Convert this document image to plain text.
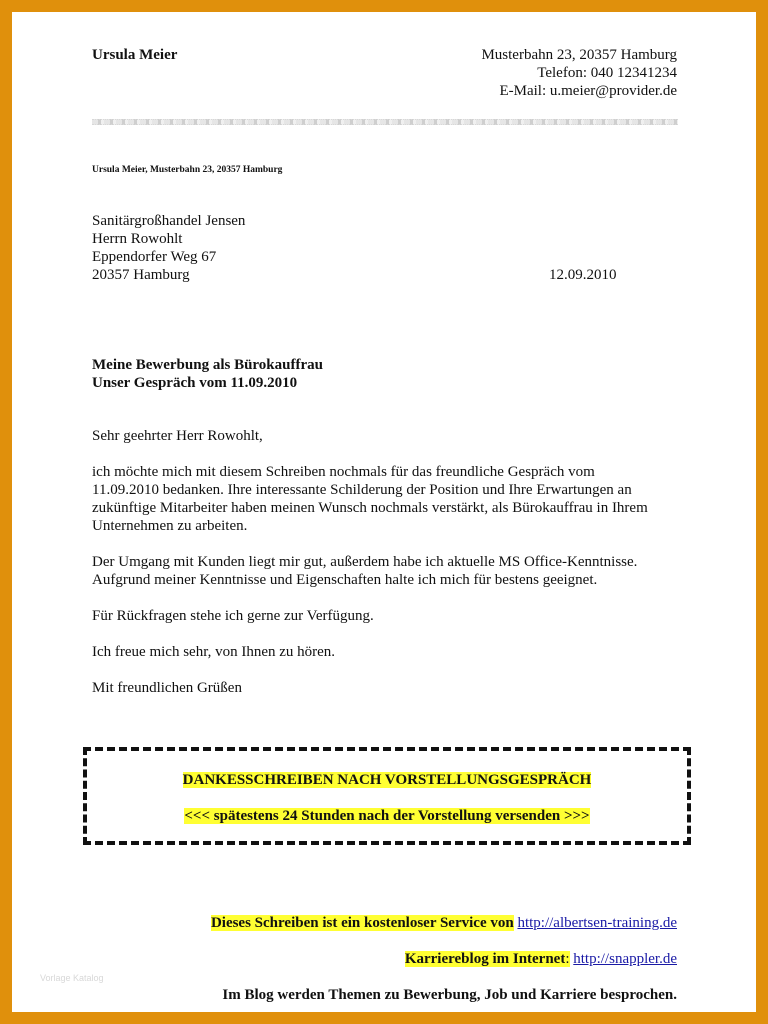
Ursula Meier	Musterbahn 23, 20357 Hamburg
Telefon: 040 12341234
E-Mail: u.meier@provider.de
Ursula Meier, Musterbahn 23, 20357 Hamburg
Sanitärgroßhandel Jensen
Herrn Rowohlt
Eppendorfer Weg 67
20357 Hamburg	12.09.2010
Meine Bewerbung als Bürokauffrau
Unser Gespräch vom 11.09.2010

Sehr geehrter Herr Rowohlt,

ich möchte mich mit diesem Schreiben nochmals für das freundliche Gespräch vom
11.09.2010 bedanken. Ihre interessante Schilderung der Position und Ihre Erwartungen an
zukünftige Mitarbeiter haben meinen Wunsch nochmals verstärkt, als Bürokauffrau in Ihrem
Unternehmen zu arbeiten.

Der Umgang mit Kunden liegt mir gut, außerdem habe ich aktuelle MS Office-Kenntnisse.
Aufgrund meiner Kenntnisse und Eigenschaften halte ich mich für bestens geeignet.

Für Rückfragen stehe ich gerne zur Verfügung.

Ich freue mich sehr, von Ihnen zu hören.

Mit freundlichen Grüßen

DANKESSCHREIBEN NACH VORSTELLUNGSGESPRÄCH
<<< spätestens 24 Stunden nach der Vorstellung versenden >>>
Dieses Schreiben ist ein kostenloser Service von http://albertsen-training.de
Karriereblog im Internet: http://snappler.de
Im Blog werden Themen zu Bewerbung, Job und Karriere besprochen.
Vorlage Katalog
